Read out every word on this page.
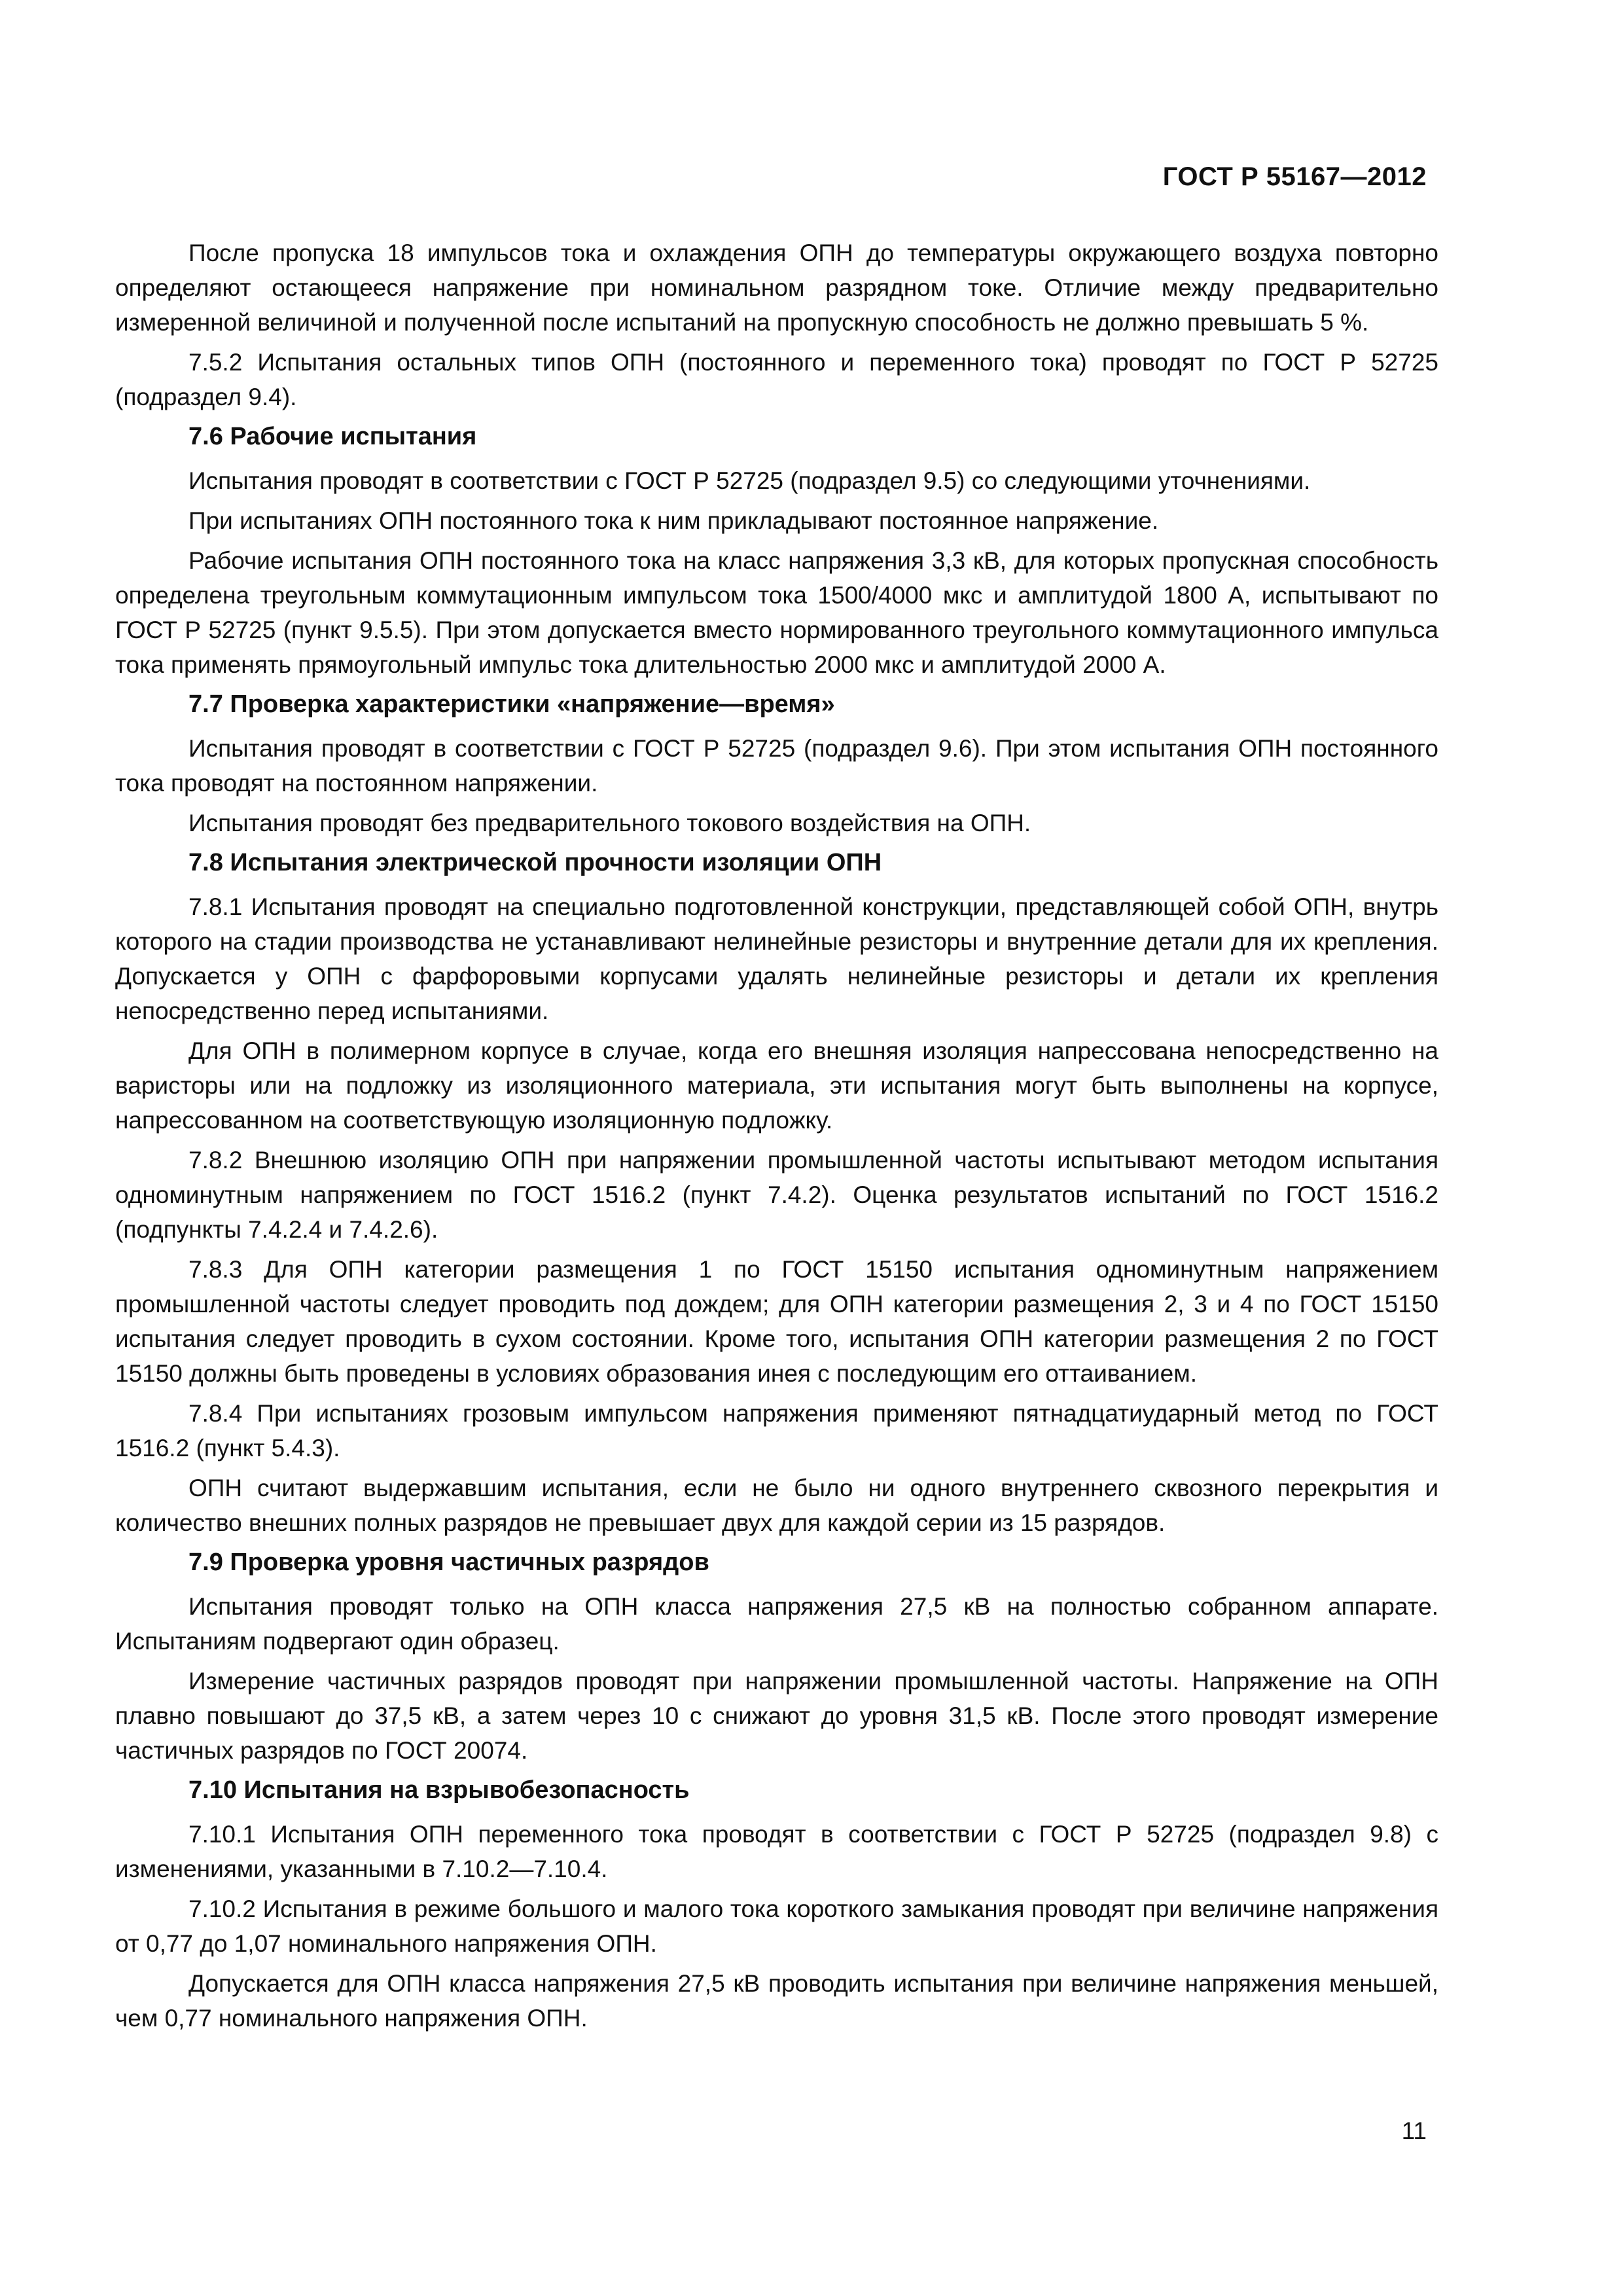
ГОСТ Р 55167—2012

После пропуска 18 импульсов тока и охлаждения ОПН до температуры окружающего воздуха повторно определяют остающееся напряжение при номинальном разрядном токе. Отличие между предварительно измеренной величиной и полученной после испытаний на пропускную способность не должно превышать 5 %.

7.5.2 Испытания остальных типов ОПН (постоянного и переменного тока) проводят по ГОСТ Р 52725 (подраздел 9.4).

7.6 Рабочие испытания

Испытания проводят в соответствии с ГОСТ Р 52725 (подраздел 9.5) со следующими уточнениями.

При испытаниях ОПН постоянного тока к ним прикладывают постоянное напряжение.

Рабочие испытания ОПН постоянного тока на класс напряжения 3,3 кВ, для которых пропускная способность определена треугольным коммутационным импульсом тока 1500/4000 мкс и амплитудой 1800 А, испытывают по ГОСТ Р 52725 (пункт 9.5.5). При этом допускается вместо нормированного треугольного коммутационного импульса тока применять прямоугольный импульс тока длительностью 2000 мкс и амплитудой 2000 А.

7.7 Проверка характеристики «напряжение—время»

Испытания проводят в соответствии с ГОСТ Р 52725 (подраздел 9.6). При этом испытания ОПН постоянного тока проводят на постоянном напряжении.

Испытания проводят без предварительного токового воздействия на ОПН.

7.8 Испытания электрической прочности изоляции ОПН

7.8.1 Испытания проводят на специально подготовленной конструкции, представляющей собой ОПН, внутрь которого на стадии производства не устанавливают нелинейные резисторы и внутренние детали для их крепления. Допускается у ОПН с фарфоровыми корпусами удалять нелинейные резисторы и детали их крепления непосредственно перед испытаниями.

Для ОПН в полимерном корпусе в случае, когда его внешняя изоляция напрессована непосредственно на варисторы или на подложку из изоляционного материала, эти испытания могут быть выполнены на корпусе, напрессованном на соответствующую изоляционную подложку.

7.8.2 Внешнюю изоляцию ОПН при напряжении промышленной частоты испытывают методом испытания одноминутным напряжением по ГОСТ 1516.2 (пункт 7.4.2). Оценка результатов испытаний по ГОСТ 1516.2 (подпункты 7.4.2.4 и 7.4.2.6).

7.8.3 Для ОПН категории размещения 1 по ГОСТ 15150 испытания одноминутным напряжением промышленной частоты следует проводить под дождем; для ОПН категории размещения 2, 3 и 4 по ГОСТ 15150 испытания следует проводить в сухом состоянии. Кроме того, испытания ОПН категории размещения 2 по ГОСТ 15150 должны быть проведены в условиях образования инея с последующим его оттаиванием.

7.8.4 При испытаниях грозовым импульсом напряжения применяют пятнадцатиударный метод по ГОСТ 1516.2 (пункт 5.4.3).

ОПН считают выдержавшим испытания, если не было ни одного внутреннего сквозного перекрытия и количество внешних полных разрядов не превышает двух для каждой серии из 15 разрядов.

7.9 Проверка уровня частичных разрядов

Испытания проводят только на ОПН класса напряжения 27,5 кВ на полностью собранном аппарате. Испытаниям подвергают один образец.

Измерение частичных разрядов проводят при напряжении промышленной частоты. Напряжение на ОПН плавно повышают до 37,5 кВ, а затем через 10 с снижают до уровня 31,5 кВ. После этого проводят измерение частичных разрядов по ГОСТ 20074.

7.10 Испытания на взрывобезопасность

7.10.1 Испытания ОПН переменного тока проводят в соответствии с ГОСТ Р 52725 (подраздел 9.8) с изменениями, указанными в 7.10.2—7.10.4.

7.10.2 Испытания в режиме большого и малого тока короткого замыкания проводят при величине напряжения от 0,77 до 1,07 номинального напряжения ОПН.

Допускается для ОПН класса напряжения 27,5 кВ проводить испытания при величине напряжения меньшей, чем 0,77 номинального напряжения ОПН.

11
